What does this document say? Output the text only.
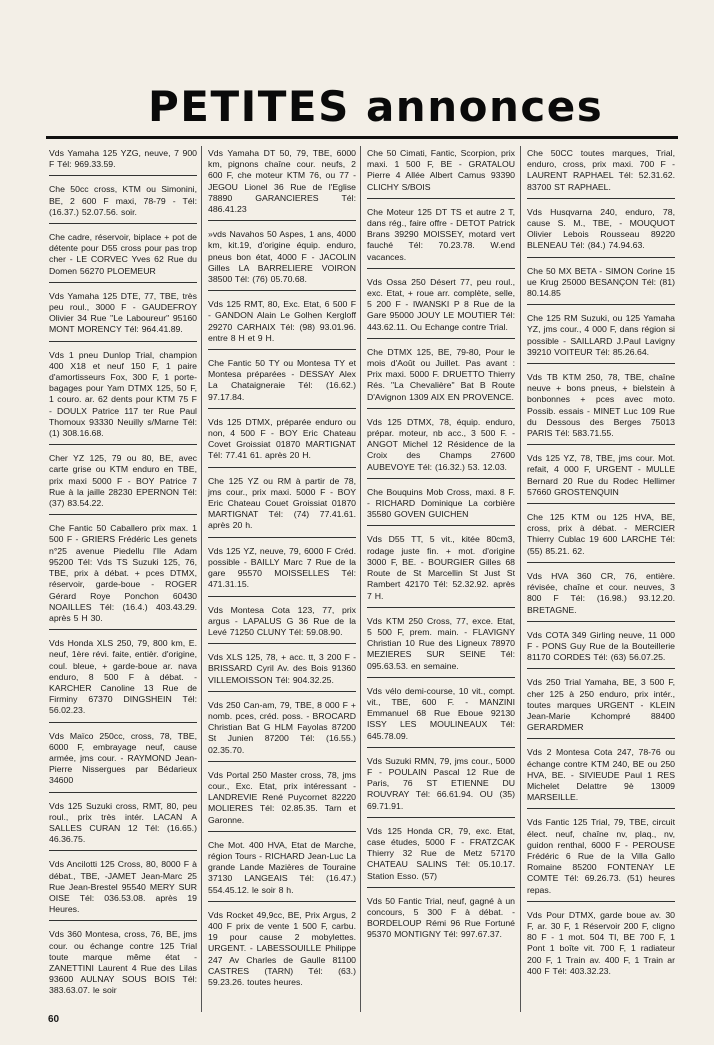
PETITES annonces
Vds Yamaha 125 YZG, neuve, 7 900 F Tél: 969.33.59.
Che 50cc cross, KTM ou Simonini, BE, 2 600 F maxi, 78-79 - Tél: (16.37.) 52.07.56. soir.
Che cadre, réservoir, biplace + pot de détente pour D55 cross pour pas trop cher - LE CORVEC Yves 62 Rue du Domen 56270 PLOEMEUR
Vds Yamaha 125 DTE, 77, TBE, très peu roul., 3000 F - GAUDEFROY Olivier 34 Rue "Le Laboureur" 95160 MONT MORENCY Tél: 964.41.89.
Vds 1 pneu Dunlop Trial, champion 400 X18 et neuf 150 F, 1 paire d'amortisseurs Fox, 300 F, 1 porte-bagages pour Yam DTMX 125, 50 F, 1 couro. ar. 62 dents pour KTM 75 F - DOULX Patrice 117 ter Rue Paul Thomoux 93330 Neuilly s/Marne Tél: (1) 308.16.68.
Cher YZ 125, 79 ou 80, BE, avec carte grise ou KTM enduro en TBE, prix maxi 5000 F - BOY Patrice 7 Rue à la jaille 28230 EPERNON Tél: (37) 83.54.22.
Che Fantic 50 Caballero prix max. 1 500 F - GRIERS Frédéric Les genets n°25 avenue Piedellu l'Ile Adam 95200 Tél: Vds TS Suzuki 125, 76, TBE, prix à débat. + pces DTMX, réservoir, garde-boue - ROGER Gérard Roye Ponchon 60430 NOAILLES Tél: (16.4.) 403.43.29. après 5 H 30.
Vds Honda XLS 250, 79, 800 km, E. neuf, 1ère révi. faite, entièr. d'origine, coul. bleue, + garde-boue ar. nava enduro, 8 500 F à débat. - KARCHER Canoline 13 Rue de Firminy 67370 DINGSHEIN Tél: 56.02.23.
Vds Maïco 250cc, cross, 78, TBE, 6000 F, embrayage neuf, cause armée, jms cour. - RAYMOND Jean-Pierre Nissergues par Bédarieux 34600
Vds 125 Suzuki cross, RMT, 80, peu roul., prix très intér. LACAN A SALLES CURAN 12 Tél: (16.65.) 46.36.75.
Vds Ancilotti 125 Cross, 80, 8000 F à débat., TBE, -JAMET Jean-Marc 25 Rue Jean-Brestel 95540 MERY SUR OISE Tél: 036.53.08. après 19 Heures.
Vds 360 Montesa, cross, 76, BE, jms cour. ou échange contre 125 Trial toute marque même état - ZANETTINI Laurent 4 Rue des Lilas 93600 AULNAY SOUS BOIS Tél: 383.63.07. le soir
Vds Yamaha DT 50, 79, TBE, 6000 km, pignons chaîne cour. neufs, 2 600 F, che moteur KTM 76, ou 77 - JEGOU Lionel 36 Rue de l'Eglise 78890 GARANCIERES Tél: 486.41.23
»vds Navahos 50 Aspes, 1 ans, 4000 km, kit.19, d'origine équip. enduro, pneus bon état, 4000 F - JACOLIN Gilles LA BARRELIERE VOIRON 38500 Tél: (76) 05.70.68.
Vds 125 RMT, 80, Exc. Etat, 6 500 F - GANDON Alain Le Golhen Kergloff 29270 CARHAIX Tél: (98) 93.01.96. entre 8 H et 9 H.
Che Fantic 50 TY ou Montesa TY et Montesa préparées - DESSAY Alex La Chataigneraie Tél: (16.62.) 97.17.84.
Vds 125 DTMX, préparée enduro ou non, 4 500 F - BOY Eric Chateau Covet Groissiat 01870 MARTIGNAT Tél: 77.41 61. après 20 H.
Che 125 YZ ou RM à partir de 78, jms cour., prix maxi. 5000 F - BOY Eric Chateau Couet Groissiat 01870 MARTIGNAT Tél: (74) 77.41.61. après 20 h.
Vds 125 YZ, neuve, 79, 6000 F Créd. possible - BAILLY Marc 7 Rue de la gare 95570 MOISSELLES Tél: 471.31.15.
Vds Montesa Cota 123, 77, prix argus - LAPALUS G 36 Rue de la Levé 71250 CLUNY Tél: 59.08.90.
Vds XLS 125, 78, + acc. tt, 3 200 F - BRISSARD Cyril Av. des Bois 91360 VILLEMOISSON Tél: 904.32.25.
Vds 250 Can-am, 79, TBE, 8 000 F + nomb. pces, créd. poss. - BROCARD Christian Bat G HLM Fayolas 87200 St Junien 87200 Tél: (16.55.) 02.35.70.
Vds Portal 250 Master cross, 78, jms cour., Exc. Etat, prix intéressant - LANDREVIE René Puycornet 82220 MOLIERES Tél: 02.85.35. Tarn et Garonne.
Che Mot. 400 HVA, Etat de Marche, région Tours - RICHARD Jean-Luc La grande Lande Mazières de Touraine 37130 LANGEAIS Tél: (16.47.) 554.45.12. le soir 8 h.
Vds Rocket 49,9cc, BE, Prix Argus, 2 400 F prix de vente 1 500 F, carbu. 19 pour cause 2 mobylettes. URGENT. - LABESSOUILLE Philippe 247 Av Charles de Gaulle 81100 CASTRES (TARN) Tél: (63.) 59.23.26. toutes heures.
Che 50 Cimati, Fantic, Scorpion, prix maxi. 1 500 F, BE - GRATALOU Pierre 4 Allée Albert Camus 93390 CLICHY S/BOIS
Che Moteur 125 DT TS et autre 2 T, dans rég., faire offre - DETOT Patrick Brans 39290 MOISSEY, motard vert fauché Tél: 70.23.78. W.end vacances.
Vds Ossa 250 Désert 77, peu roul., exc. Etat, + roue arr. complète, selle, 5 200 F - IWANSKI P 8 Rue de la Gare 95000 JOUY LE MOUTIER Tél: 443.62.11. Ou Echange contre Trial.
Che DTMX 125, BE, 79-80, Pour le mois d'Août ou Juillet. Pas avant : Prix maxi. 5000 F. DRUETTO Thierry Rés. "La Chevalière" Bat B Route D'Avignon 1309 AIX EN PROVENCE.
Vds 125 DTMX, 78, équip. enduro, prépar. moteur, nb acc., 3 500 F. - ANGOT Michel 12 Résidence de la Croix des Champs 27600 AUBEVOYE Tél: (16.32.) 53. 12.03.
Che Bouquins Mob Cross, maxi. 8 F. - RICHARD Dominique La corbière 35580 GOVEN GUICHEN
Vds D55 TT, 5 vit., kitée 80cm3, rodage juste fin. + mot. d'origine 3000 F, BE. - BOURGIER Gilles 68 Route de St Marcellin St Just St Rambert 42170 Tél: 52.32.92. après 7 H.
Vds KTM 250 Cross, 77, exce. Etat, 5 500 F, prem. main. - FLAVIGNY Christian 10 Rue des Ligneux 78970 MEZIERES SUR SEINE Tél: 095.63.53. en semaine.
Vds vélo demi-course, 10 vit., compt. vit., TBE, 600 F. - MANZINI Emmanuel 68 Rue Eboue 92130 ISSY LES MOULINEAUX Tél: 645.78.09.
Vds Suzuki RMN, 79, jms cour., 5000 F - POULAIN Pascal 12 Rue de Paris, 76 ST ETIENNE DU ROUVRAY Tél: 66.61.94. OU (35) 69.71.91.
Vds 125 Honda CR, 79, exc. Etat, case études, 5000 F - FRATZCAK Thierry 32 Rue de Metz 57170 CHATEAU SALINS Tél: 05.10.17. Station Esso. (57)
Vds 50 Fantic Trial, neuf, gagné à un concours, 5 300 F à débat. - BORDELOUP Rémi 96 Rue Fortuné 95370 MONTIGNY Tél: 997.67.37.
Che 50CC toutes marques, Trial, enduro, cross, prix maxi. 700 F - LAURENT RAPHAEL Tél: 52.31.62. 83700 ST RAPHAEL.
Vds Husqvarna 240, enduro, 78, cause S. M., TBE, - MOUQUOT Olivier Lebois Rousseau 89220 BLENEAU Tél: (84.) 74.94.63.
Che 50 MX BETA - SIMON Corine 15 ue Krug 25000 BESANÇON Tél: (81) 80.14.85
Che 125 RM Suzuki, ou 125 Yamaha YZ, jms cour., 4 000 F, dans région si possible - SAILLARD J.Paul Lavigny 39210 VOITEUR Tél: 85.26.64.
Vds TB KTM 250, 78, TBE, chaîne neuve + bons pneus, + bielstein à bonbonnes + pces avec moto. Possib. essais - MINET Luc 109 Rue du Dessous des Berges 75013 PARIS Tél: 583.71.55.
Vds 125 YZ, 78, TBE, jms cour. Mot. refait, 4 000 F, URGENT - MULLE Bernard 20 Rue du Rodec Hellimer 57660 GROSTENQUIN
Che 125 KTM ou 125 HVA, BE, cross, prix à débat. - MERCIER Thierry Cublac 19 600 LARCHE Tél: (55) 85.21. 62.
Vds HVA 360 CR, 76, entière. révisée, chaîne et cour. neuves, 3 800 F Tél: (16.98.) 93.12.20. BRETAGNE.
Vds COTA 349 Girling neuve, 11 000 F - PONS Guy Rue de la Bouteillerie 81170 CORDES Tél: (63) 56.07.25.
Vds 250 Trial Yamaha, BE, 3 500 F, cher 125 à 250 enduro, prix intér., toutes marques URGENT - KLEIN Jean-Marie Kchompré 88400 GERARDMER
Vds 2 Montesa Cota 247, 78-76 ou échange contre KTM 240, BE ou 250 HVA, BE. - SIVIEUDE Paul 1 RES Michelet Delattre 9è 13009 MARSEILLE.
Vds Fantic 125 Trial, 79, TBE, circuit élect. neuf, chaîne nv, plaq., nv, guidon renthal, 6000 F - PEROUSE Frédéric 6 Rue de la Villa Gallo Romaine 85200 FONTENAY LE COMTE Tél: 69.26.73. (51) heures repas.
Vds Pour DTMX, garde boue av. 30 F, ar. 30 F, 1 Réservoir 200 F, cligno 80 F - 1 mot. 504 TI, BE 700 F, 1 Pont 1 boîte vit. 700 F, 1 radiateur 200 F, 1 Train av. 400 F, 1 Train ar 400 F Tél: 403.32.23.
60
